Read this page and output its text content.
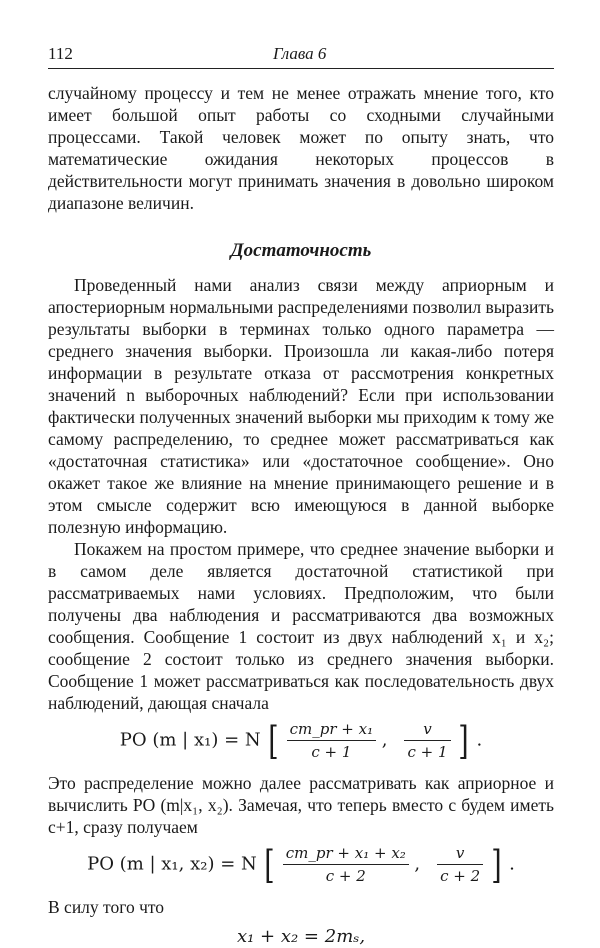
112	Глава 6

случайному процессу и тем не менее отражать мнение того, кто имеет большой опыт работы со сходными случайными процессами. Такой человек может по опыту знать, что математические ожидания некоторых процессов в действительности могут принимать значения в довольно широком диапазоне величин.

Достаточность

Проведенный нами анализ связи между априорным и апостериорным нормальными распределениями позволил выразить результаты выборки в терминах только одного параметра — среднего значения выборки. Произошла ли какая-либо потеря информации в результате отказа от рассмотрения конкретных значений n выборочных наблюдений? Если при использовании фактически полученных значений выборки мы приходим к тому же самому распределению, то среднее может рассматриваться как «достаточная статистика» или «достаточное сообщение». Оно окажет такое же влияние на мнение принимающего решение и в этом смысле содержит всю имеющуюся в данной выборке полезную информацию.

Покажем на простом примере, что среднее значение выборки и в самом деле является достаточной статистикой при рассматриваемых нами условиях. Предположим, что были получены два наблюдения и рассматриваются два возможных сообщения. Сообщение 1 состоит из двух наблюдений x₁ и x₂; сообщение 2 состоит только из среднего значения выборки. Сообщение 1 может рассматриваться как последовательность двух наблюдений, дающая сначала

PO (m | x₁) = N [ $\frac{\text{cm\_pr + x₁}}{c + 1}$ , $\frac{v}{c + 1}$ ] .

Это распределение можно далее рассматривать как априорное и вычислить PO (m|x₁, x₂). Замечая, что теперь вместо c будем иметь c+1, сразу получаем

PO (m | x₁, x₂) = N [ $\frac{\text{cm\_pr + x₁ + x₂}}{c + 2}$ , $\frac{v}{c + 2}$ ] .

В силу того что

x₁ + x₂ = 2mₛ,
